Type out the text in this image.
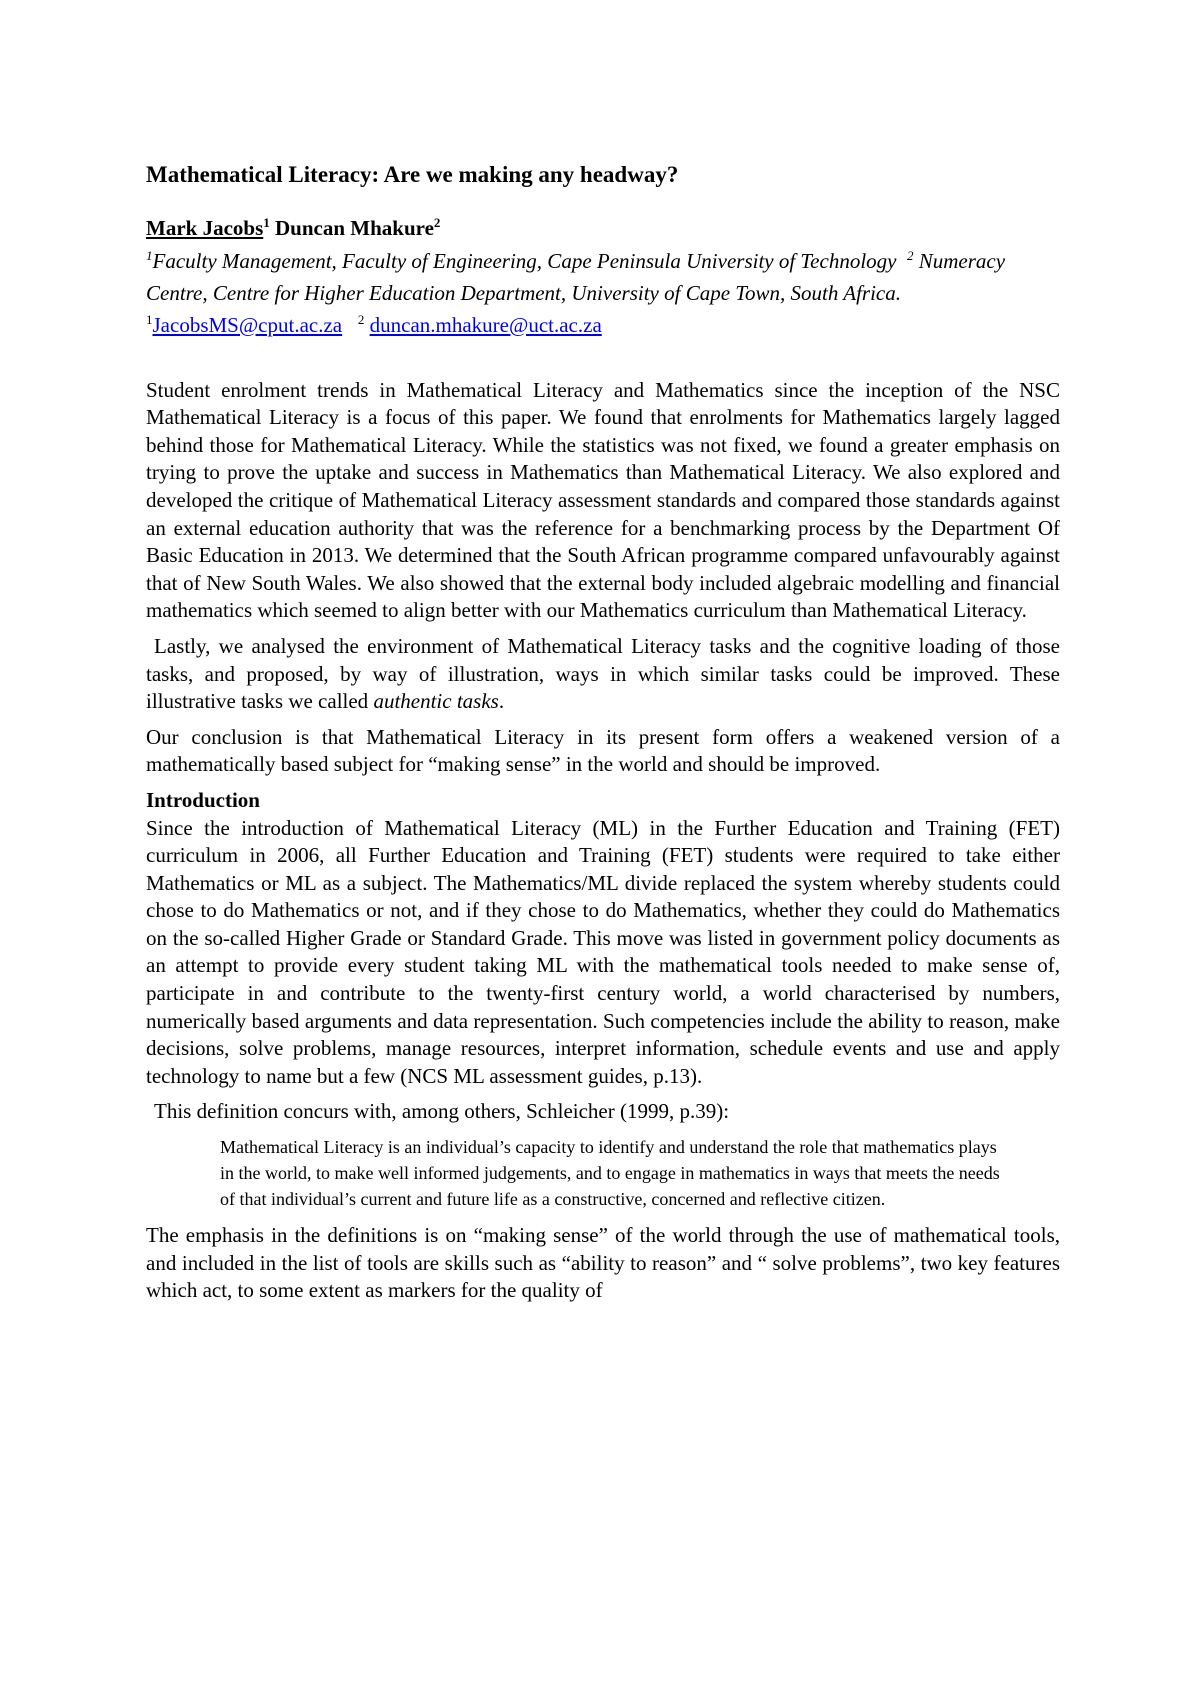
Mathematical Literacy: Are we making any headway?

Mark Jacobs$^1$ Duncan Mhakure$^2$

$^1$Faculty Management, Faculty of Engineering, Cape Peninsula University of Technology $^2$ Numeracy Centre, Centre for Higher Education Department, University of Cape Town, South Africa.

$^1$JacobsMS@cput.ac.za $^2$ duncan.mhakure@uct.ac.za

Student enrolment trends in Mathematical Literacy and Mathematics since the inception of the NSC Mathematical Literacy is a focus of this paper. We found that enrolments for Mathematics largely lagged behind those for Mathematical Literacy. While the statistics was not fixed, we found a greater emphasis on trying to prove the uptake and success in Mathematics than Mathematical Literacy. We also explored and developed the critique of Mathematical Literacy assessment standards and compared those standards against an external education authority that was the reference for a benchmarking process by the Department Of Basic Education in 2013. We determined that the South African programme compared unfavourably against that of New South Wales. We also showed that the external body included algebraic modelling and financial mathematics which seemed to align better with our Mathematics curriculum than Mathematical Literacy.

Lastly, we analysed the environment of Mathematical Literacy tasks and the cognitive loading of those tasks, and proposed, by way of illustration, ways in which similar tasks could be improved. These illustrative tasks we called authentic tasks.

Our conclusion is that Mathematical Literacy in its present form offers a weakened version of a mathematically based subject for “making sense” in the world and should be improved.

Introduction

Since the introduction of Mathematical Literacy (ML) in the Further Education and Training (FET) curriculum in 2006, all Further Education and Training (FET) students were required to take either Mathematics or ML as a subject. The Mathematics/ML divide replaced the system whereby students could chose to do Mathematics or not, and if they chose to do Mathematics, whether they could do Mathematics on the so-called Higher Grade or Standard Grade. This move was listed in government policy documents as an attempt to provide every student taking ML with the mathematical tools needed to make sense of, participate in and contribute to the twenty-first century world, a world characterised by numbers, numerically based arguments and data representation. Such competencies include the ability to reason, make decisions, solve problems, manage resources, interpret information, schedule events and use and apply technology to name but a few (NCS ML assessment guides, p.13).

This definition concurs with, among others, Schleicher (1999, p.39):

Mathematical Literacy is an individual’s capacity to identify and understand the role that mathematics plays in the world, to make well informed judgements, and to engage in mathematics in ways that meets the needs of that individual’s current and future life as a constructive, concerned and reflective citizen.

The emphasis in the definitions is on “making sense” of the world through the use of mathematical tools, and included in the list of tools are skills such as “ability to reason” and “ solve problems”, two key features which act, to some extent as markers for the quality of
